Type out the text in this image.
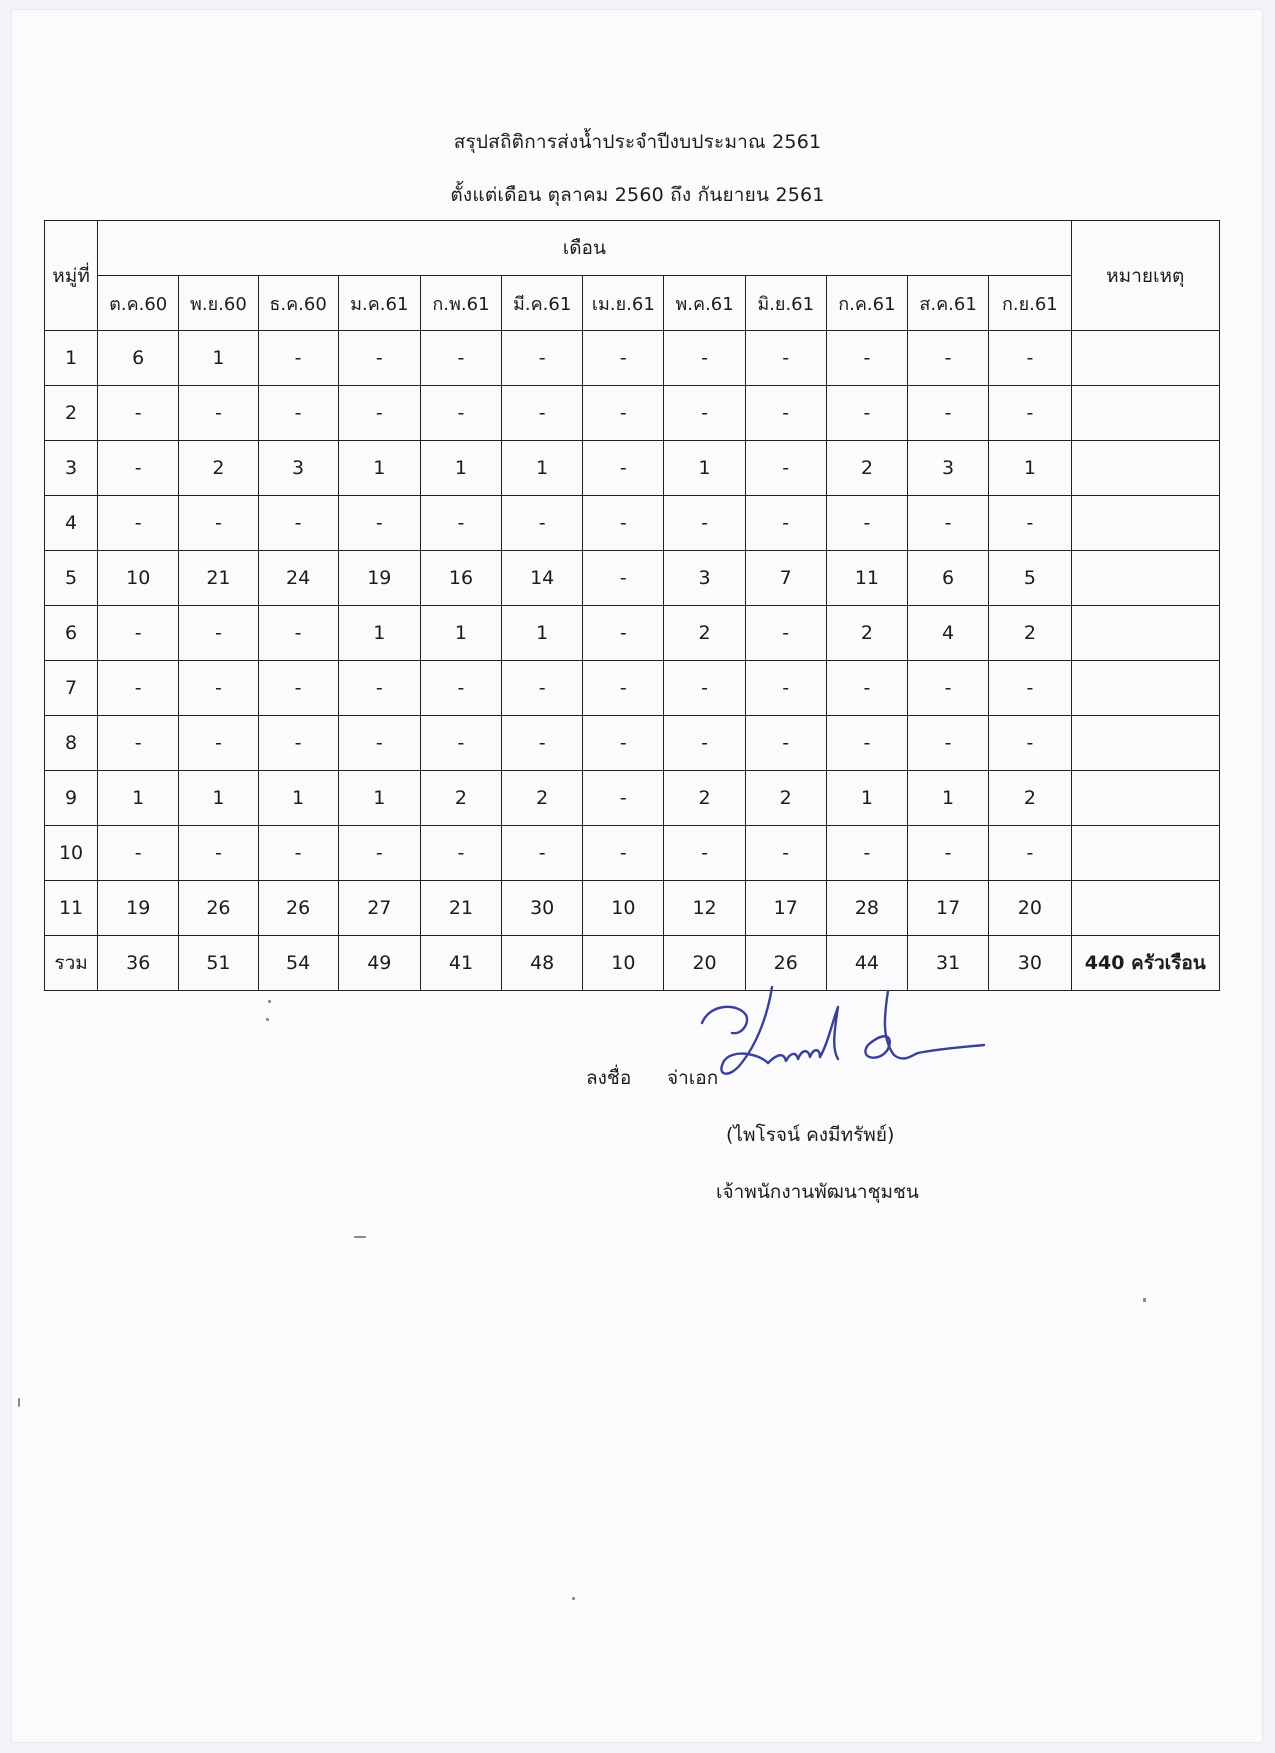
สรุปสถิติการส่งน้ำประจำปีงบประมาณ 2561
ตั้งแต่เดือน ตุลาคม 2560 ถึง กันยายน 2561
หมู่ที่	เดือน												หมายเหตุ
	ต.ค.60	พ.ย.60	ธ.ค.60	ม.ค.61	ก.พ.61	มี.ค.61	เม.ย.61	พ.ค.61	มิ.ย.61	ก.ค.61	ส.ค.61	ก.ย.61	
1	6	1	-	-	-	-	-	-	-	-	-	-	
2	-	-	-	-	-	-	-	-	-	-	-	-	
3	-	2	3	1	1	1	-	1	-	2	3	1	
4	-	-	-	-	-	-	-	-	-	-	-	-	
5	10	21	24	19	16	14	-	3	7	11	6	5	
6	-	-	-	1	1	1	-	2	-	2	4	2	
7	-	-	-	-	-	-	-	-	-	-	-	-	
8	-	-	-	-	-	-	-	-	-	-	-	-	
9	1	1	1	1	2	2	-	2	2	1	1	2	
10	-	-	-	-	-	-	-	-	-	-	-	-	
11	19	26	26	27	21	30	10	12	17	28	17	20	
รวม	36	51	54	49	41	48	10	20	26	44	31	30	440 ครัวเรือน
ลงชื่อ จ่าเอก
(ไพโรจน์ คงมีทรัพย์)
เจ้าพนักงานพัฒนาชุมชน
